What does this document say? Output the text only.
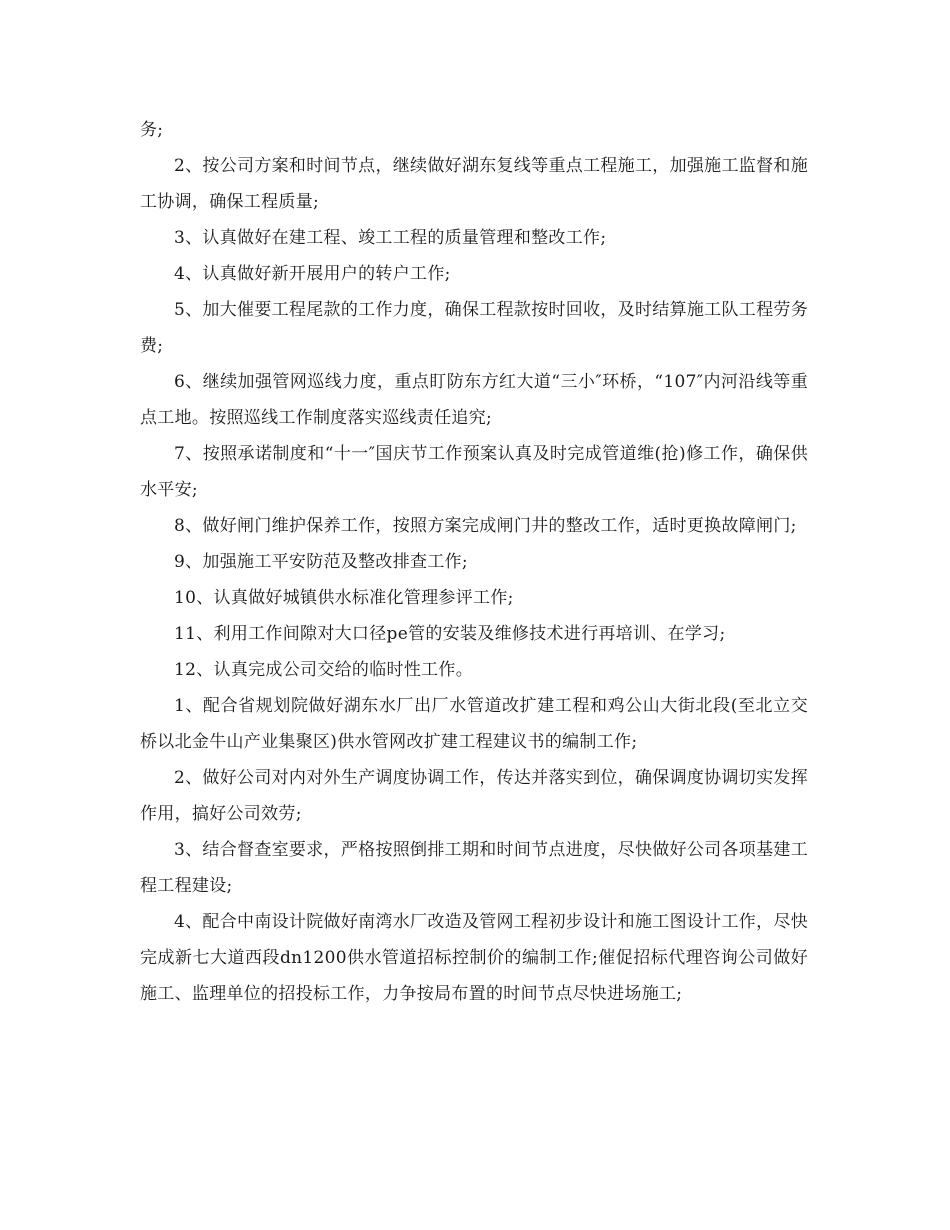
务;

2、按公司方案和时间节点，继续做好湖东复线等重点工程施工，加强施工监督和施工协调，确保工程质量;

3、认真做好在建工程、竣工工程的质量管理和整改工作;

4、认真做好新开展用户的转户工作;

5、加大催要工程尾款的工作力度，确保工程款按时回收，及时结算施工队工程劳务费;

6、继续加强管网巡线力度，重点盯防东方红大道“三小″环桥，“107″内河沿线等重点工地。按照巡线工作制度落实巡线责任追究;

7、按照承诺制度和“十一″国庆节工作预案认真及时完成管道维(抢)修工作，确保供水平安;

8、做好闸门维护保养工作，按照方案完成闸门井的整改工作，适时更换故障闸门;

9、加强施工平安防范及整改排查工作;

10、认真做好城镇供水标准化管理参评工作;

11、利用工作间隙对大口径pe管的安装及维修技术进行再培训、在学习;

12、认真完成公司交给的临时性工作。

1、配合省规划院做好湖东水厂出厂水管道改扩建工程和鸡公山大街北段(至北立交桥以北金牛山产业集聚区)供水管网改扩建工程建议书的编制工作;

2、做好公司对内对外生产调度协调工作，传达并落实到位，确保调度协调切实发挥作用，搞好公司效劳;

3、结合督查室要求，严格按照倒排工期和时间节点进度，尽快做好公司各项基建工程工程建设;

4、配合中南设计院做好南湾水厂改造及管网工程初步设计和施工图设计工作，尽快完成新七大道西段dn1200供水管道招标控制价的编制工作;催促招标代理咨询公司做好施工、监理单位的招投标工作，力争按局布置的时间节点尽快进场施工;
